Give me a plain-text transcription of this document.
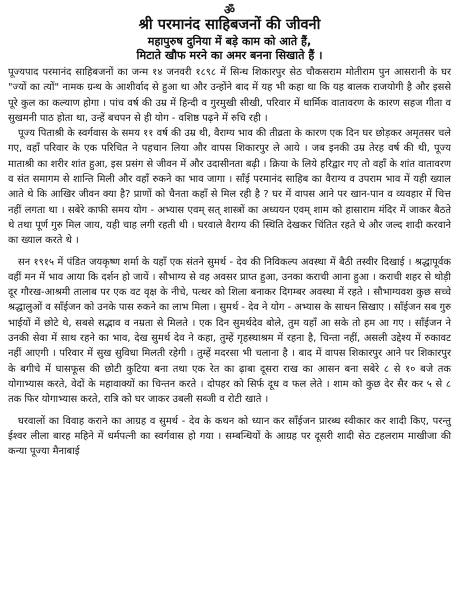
ॐ
श्री परमानंद साहिबजनों की जीवनी
महापुरुष दुनिया में बड़े काम को आते हैं,
मिटाते खौफ मरने का अमर बनना सिखाते हैं ।

पूज्यपाद परमानंद साहिबजनों का जन्म १४ जनवरी १८९८ में सिन्ध शिकारपुर सेठ चौकसराम मोतीराम पुन आसरानी के घर "ज्यों का त्यों" नामक ग्रन्थ के आशीर्वाद से हुआ था और उन्होंने बाद में यह भी कहा था कि यह बालक राजयोगी है और इससे पूरे कुल का कल्याण होगा । पांच वर्ष की उम्र में हिन्दी व गुरमुखी सीखी, परिवार में धार्मिक वातावरण के कारण सहज गीता व सुखमनी पाठ होता था, उन्हें बचपन से ही योग - वशिष्ठ पढ़ने में रुचि रही ।

पूज्य पिताश्री के स्वर्गवास के समय ११ वर्ष की उम्र थी, वैराग्य भाव की तीव्रता के कारण एक दिन घर छोड़कर अमृतसर चले गए, वहाँ परिवार के एक परिचित ने पहचान लिया और वापस शिकारपुर ले आये । जब इनकी उम्र तेरह वर्ष की थी, पूज्य माताश्री का शरीर शांत हुआ, इस प्रसंग से जीवन में और उदासीनता बढ़ी । क्रिया के लिये हरिद्वार गए तो वहाँ के शांत वातावरण व संत समागम से शान्ति मिली और वहाँ रुकने का भाव जागा । साँई परमानंद साहिब का वैराग्य व उपराम भाव में यही ख्याल आते थे कि आखिर जीवन क्या है? प्राणों को चैनता कहाँ से मिल रही है ? घर में वापस आने पर खान-पान व व्यवहार में चित्त नहीं लगता था । सबेरे काफी समय योग - अभ्यास एवम् सत् शास्त्रों का अध्ययन एवम् शाम को हासाराम मंदिर में जाकर बैठते थे तथा पूर्ण गुरु मिल जाय, यही चाह लगी रहती थी । घरवाले वैराग्य की स्थिति देखकर चिंतित रहते थे और जल्द शादी करवाने का ख्याल करते थे ।

सन १९१५ में पंडित जयकृष्ण शर्मा के यहाँ एक संतने सुमर्थ - देव की निविकल्प अवस्था में बैठी तस्वीर दिखाई । श्रद्धापूर्वक वहीं मन में भाव आया कि दर्शन हो जायें । सौभाग्य से वह अवसर प्राप्त हुआ, उनका कराची आना हुआ । कराची शहर से थोड़ी दूर गौरख-आश्रमी तालाब पर एक वट वृक्ष के नीचे, पत्थर को शिला बनाकर दिगम्बर अवस्था में रहते । सौभाग्यवश कुछ सच्चे श्रद्धालुओं व साँईजन को उनके पास रुकने का लाभ मिला । सुमर्थ - देव ने योग - अभ्यास के साधन सिखाए । साँईजन सब गुरु भाईयों में छोटे थे, सबसे सद्भाव व नम्रता से मिलते । एक दिन सुमर्थदेव बोले, तुम यहाँ आ सके तो हम आ गए । साँईजन ने उनकी सेवा में साथ रहने का भाव, देख सुमर्थ देव ने कहा, तुम्हें गृहस्थाश्रम में रहना है, चिन्ता नहीं, असली उद्देश्य में रुकावट नहीं आएगी । परिवार में सुख सुविधा मिलती रहेगी । तुम्हें मदरसा भी चलाना है । बाद में वापस शिकारपुर आने पर शिकारपुर के बगीचे में घासफूस की छोटी कुटिया बना तथा एक रेत का ढ़ाबा दूसरा राख का आसन बना सबेरे ८ से १० बजे तक योगाभ्यास करते, वेदों के महावाक्यों का चिन्तन करते । दोपहर को सिर्फ दूध व फल लेते । शाम को कुछ देर सैर कर ५ से ८ तक फिर योगाभ्यास करते, रात्रि को घर जाकर उबली सब्जी व रोटी खाते ।

घरवालों का विवाह कराने का आग्रह व सुमर्थ - देव के कथन को ध्यान कर साँईजन प्रारब्ध स्वीकार कर शादी किए, परन्तु ईश्वर लीला बारह महिने में धर्मपत्नी का स्वर्गवास हो गया । सम्बन्धियों के आग्रह पर दूसरी शादी सेठ टहलराम माखीजा की कन्या पूज्या मैनाबाई
